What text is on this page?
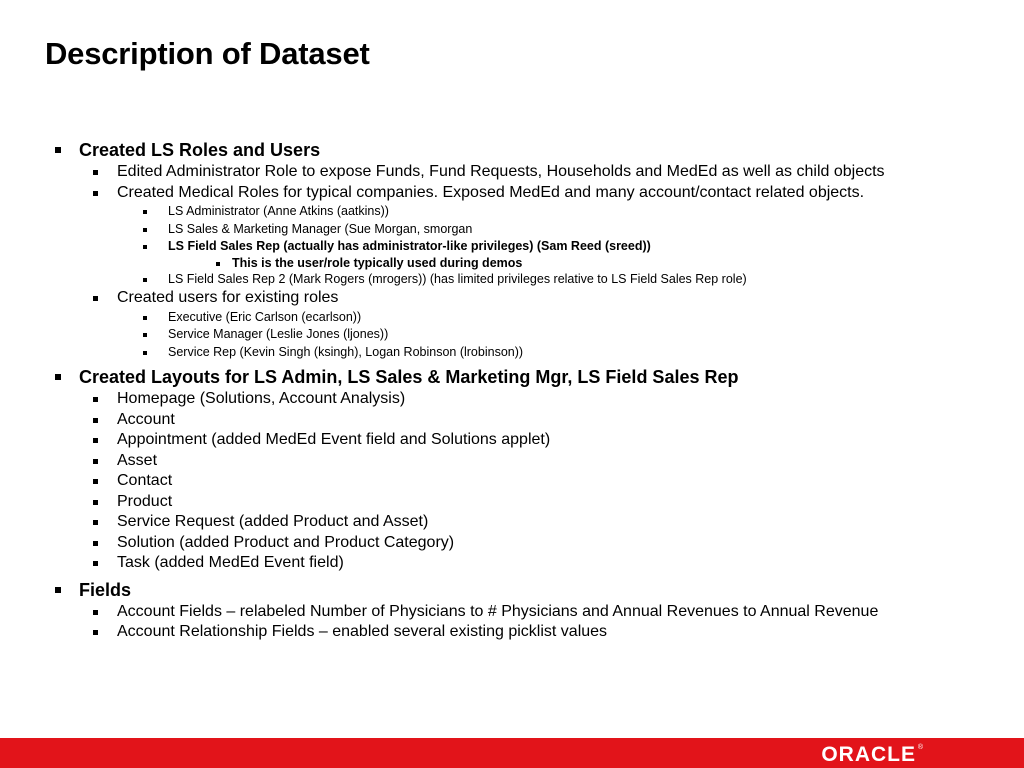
Description of Dataset
Created LS Roles and Users
Edited Administrator Role to expose Funds, Fund Requests, Households and MedEd as well as child objects
Created Medical Roles for typical companies. Exposed MedEd and many account/contact related objects.
LS Administrator (Anne Atkins (aatkins))
LS Sales & Marketing Manager (Sue Morgan, smorgan
LS Field Sales Rep (actually has administrator-like privileges) (Sam Reed (sreed))
This is the user/role typically used during demos
LS Field Sales Rep 2 (Mark Rogers (mrogers)) (has limited privileges relative to LS Field Sales Rep role)
Created users for existing roles
Executive (Eric Carlson (ecarlson))
Service Manager (Leslie Jones (ljones))
Service Rep (Kevin Singh (ksingh), Logan Robinson (lrobinson))
Created Layouts for LS Admin, LS Sales & Marketing Mgr, LS Field Sales Rep
Homepage (Solutions, Account Analysis)
Account
Appointment (added MedEd Event field and Solutions applet)
Asset
Contact
Product
Service Request (added Product and Asset)
Solution (added Product and Product Category)
Task (added MedEd Event field)
Fields
Account Fields – relabeled Number of Physicians to # Physicians and Annual Revenues to Annual Revenue
Account Relationship Fields – enabled several existing picklist values
ORACLE ®
